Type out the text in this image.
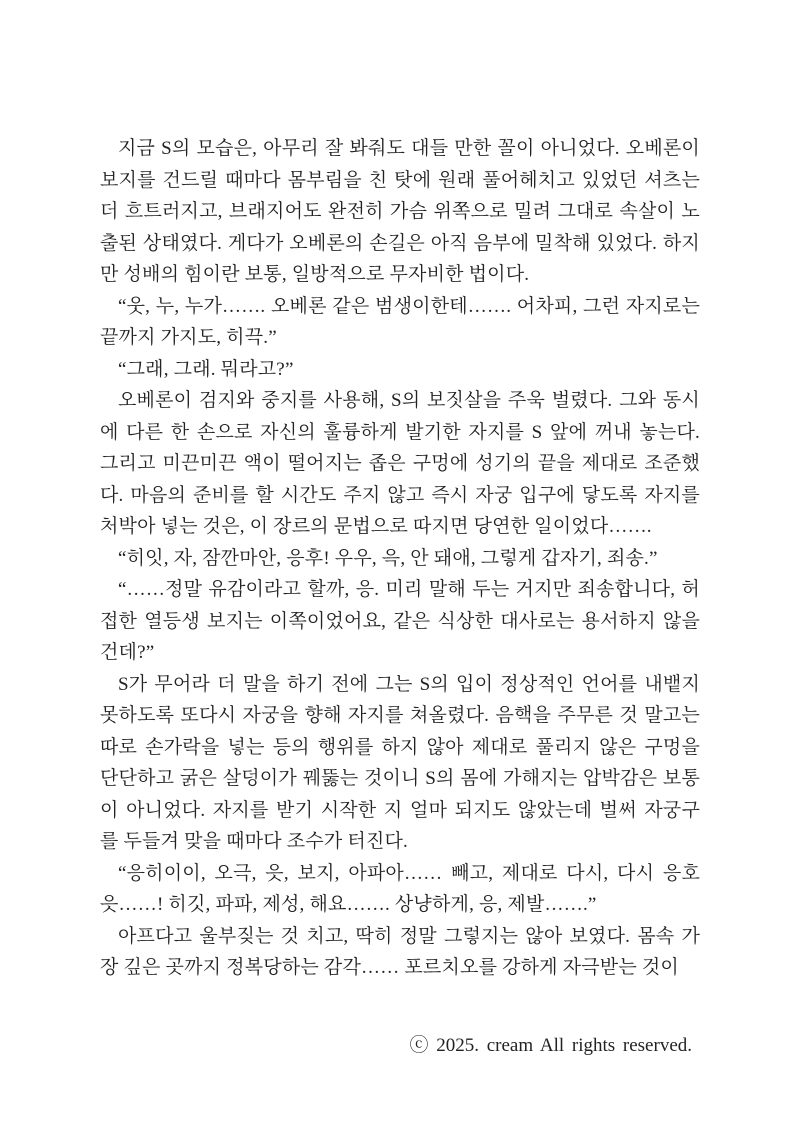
지금 S의 모습은, 아무리 잘 봐줘도 대들 만한 꼴이 아니었다. 오베론이
보지를 건드릴 때마다 몸부림을 친 탓에 원래 풀어헤치고 있었던 셔츠는
더 흐트러지고, 브래지어도 완전히 가슴 위쪽으로 밀려 그대로 속살이 노
출된 상태였다. 게다가 오베론의 손길은 아직 음부에 밀착해 있었다. 하지
만 성배의 힘이란 보통, 일방적으로 무자비한 법이다.
“웃, 누, 누가……. 오베론 같은 범생이한테……. 어차피, 그런 자지로는
끝까지 가지도, 히끅.”
“그래, 그래. 뭐라고?”
오베론이 검지와 중지를 사용해, S의 보짓살을 주욱 벌렸다. 그와 동시
에 다른 한 손으로 자신의 훌륭하게 발기한 자지를 S 앞에 꺼내 놓는다.
그리고 미끈미끈 액이 떨어지는 좁은 구멍에 성기의 끝을 제대로 조준했
다. 마음의 준비를 할 시간도 주지 않고 즉시 자궁 입구에 닿도록 자지를
처박아 넣는 것은, 이 장르의 문법으로 따지면 당연한 일이었다…….
“히잇, 자, 잠깐마안, 응후! 우우, 윽, 안 돼애, 그렇게 갑자기, 죄송.”
“……정말 유감이라고 할까, 응. 미리 말해 두는 거지만 죄송합니다, 허
접한 열등생 보지는 이쪽이었어요, 같은 식상한 대사로는 용서하지 않을
건데?”
S가 무어라 더 말을 하기 전에 그는 S의 입이 정상적인 언어를 내뱉지
못하도록 또다시 자궁을 향해 자지를 쳐올렸다. 음핵을 주무른 것 말고는
따로 손가락을 넣는 등의 행위를 하지 않아 제대로 풀리지 않은 구멍을
단단하고 굵은 살덩이가 꿰뚫는 것이니 S의 몸에 가해지는 압박감은 보통
이 아니었다. 자지를 받기 시작한 지 얼마 되지도 않았는데 벌써 자궁구
를 두들겨 맞을 때마다 조수가 터진다.
“응히이이, 오극, 읏, 보지, 아파아…… 빼고, 제대로 다시, 다시 응호
읏……! 히깃, 파파, 제성, 해요……. 상냥하게, 응, 제발…….”
아프다고 울부짖는 것 치고, 딱히 정말 그렇지는 않아 보였다. 몸속 가
장 깊은 곳까지 정복당하는 감각…… 포르치오를 강하게 자극받는 것이
ⓒ 2025. cream All rights reserved.
